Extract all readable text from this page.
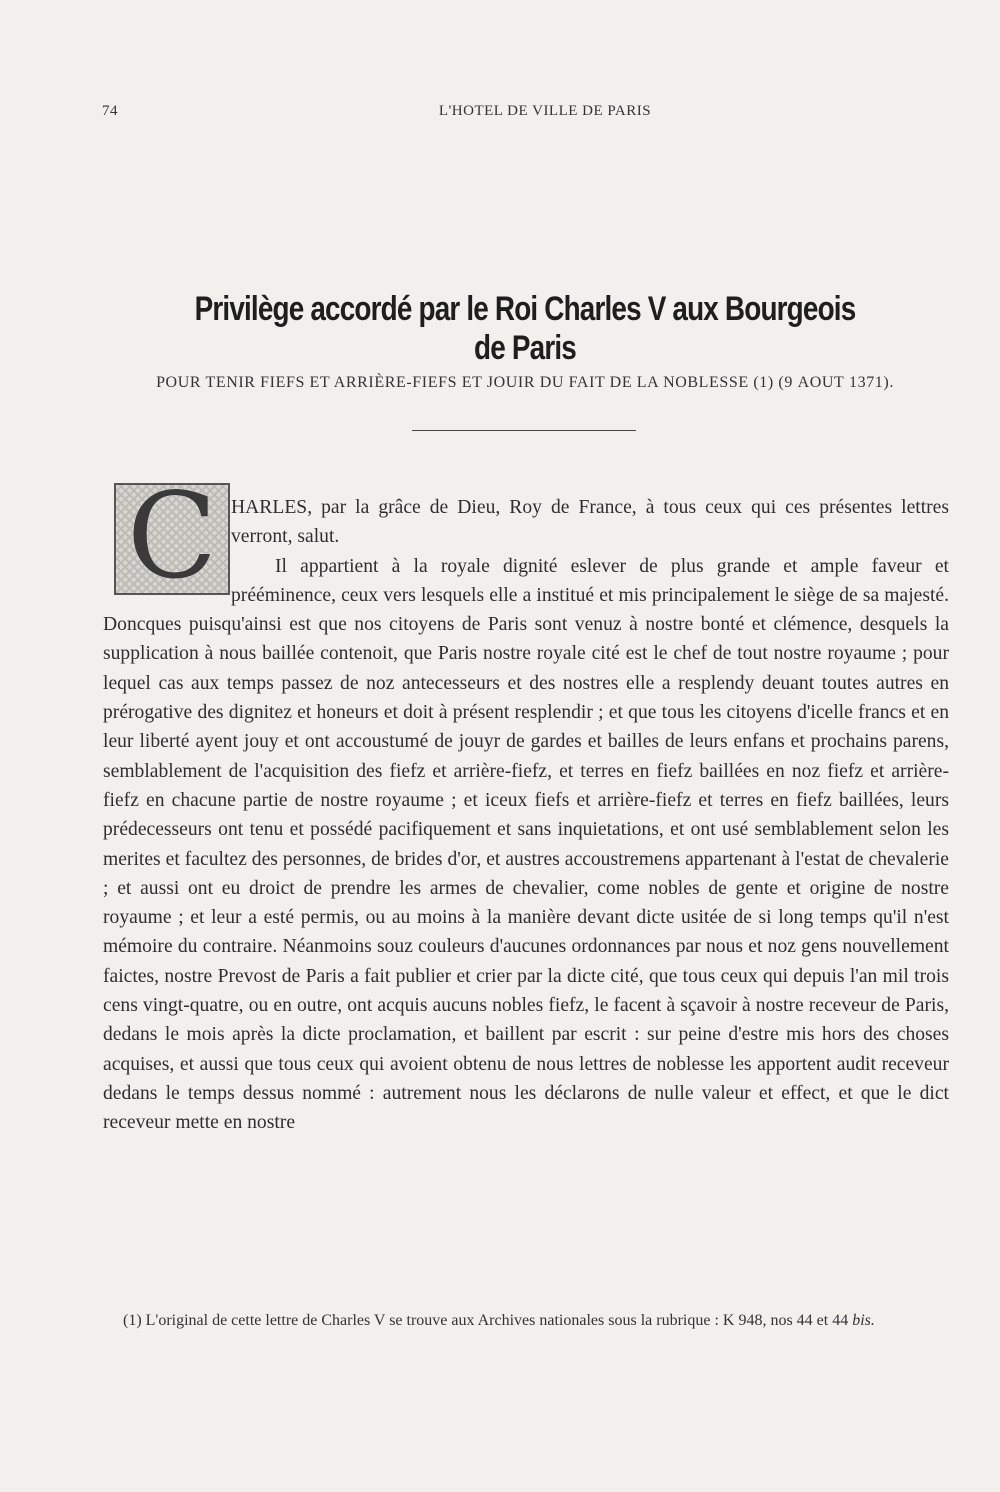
74	L'HOTEL DE VILLE DE PARIS
Privilège accordé par le Roi Charles V aux Bourgeois de Paris
POUR TENIR FIEFS ET ARRIÈRE-FIEFS ET JOUIR DU FAIT DE LA NOBLESSE (1) (9 AOUT 1371).
C HARLES, par la grâce de Dieu, Roy de France, à tous ceux qui ces présentes lettres verront, salut.

Il appartient à la royale dignité eslever de plus grande et ample faveur et prééminence, ceux vers lesquels elle a institué et mis principalement le siège de sa majesté. Doncques puisqu'ainsi est que nos citoyens de Paris sont venuz à nostre bonté et clémence, desquels la supplication à nous baillée contenoit, que Paris nostre royale cité est le chef de tout nostre royaume ; pour lequel cas aux temps passez de noz antecesseurs et des nostres elle a resplendy deuant toutes autres en prérogative des dignitez et honeurs et doit à présent resplendir ; et que tous les citoyens d'icelle francs et en leur liberté ayent jouy et ont accoustumé de jouyr de gardes et bailles de leurs enfans et prochains parens, semblablement de l'acquisition des fiefz et arrière-fiefz, et terres en fiefz baillées en noz fiefz et arrière-fiefz en chacune partie de nostre royaume ; et iceux fiefs et arrière-fiefz et terres en fiefz baillées, leurs prédecesseurs ont tenu et possédé pacifiquement et sans inquietations, et ont usé semblablement selon les merites et facultez des personnes, de brides d'or, et austres accoustremens appartenant à l'estat de chevalerie ; et aussi ont eu droict de prendre les armes de chevalier, come nobles de gente et origine de nostre royaume ; et leur a esté permis, ou au moins à la manière devant dicte usitée de si long temps qu'il n'est mémoire du contraire. Néanmoins souz couleurs d'aucunes ordonnances par nous et noz gens nouvellement faictes, nostre Prevost de Paris a fait publier et crier par la dicte cité, que tous ceux qui depuis l'an mil trois cens vingt-quatre, ou en outre, ont acquis aucuns nobles fiefz, le facent à sçavoir à nostre receveur de Paris, dedans le mois après la dicte proclamation, et baillent par escrit : sur peine d'estre mis hors des choses acquises, et aussi que tous ceux qui avoient obtenu de nous lettres de noblesse les apportent audit receveur dedans le temps dessus nommé : autrement nous les déclarons de nulle valeur et effect, et que le dict receveur mette en nostre

(1) L'original de cette lettre de Charles V se trouve aux Archives nationales sous la rubrique : K 948, nos 44 et 44 bis.
